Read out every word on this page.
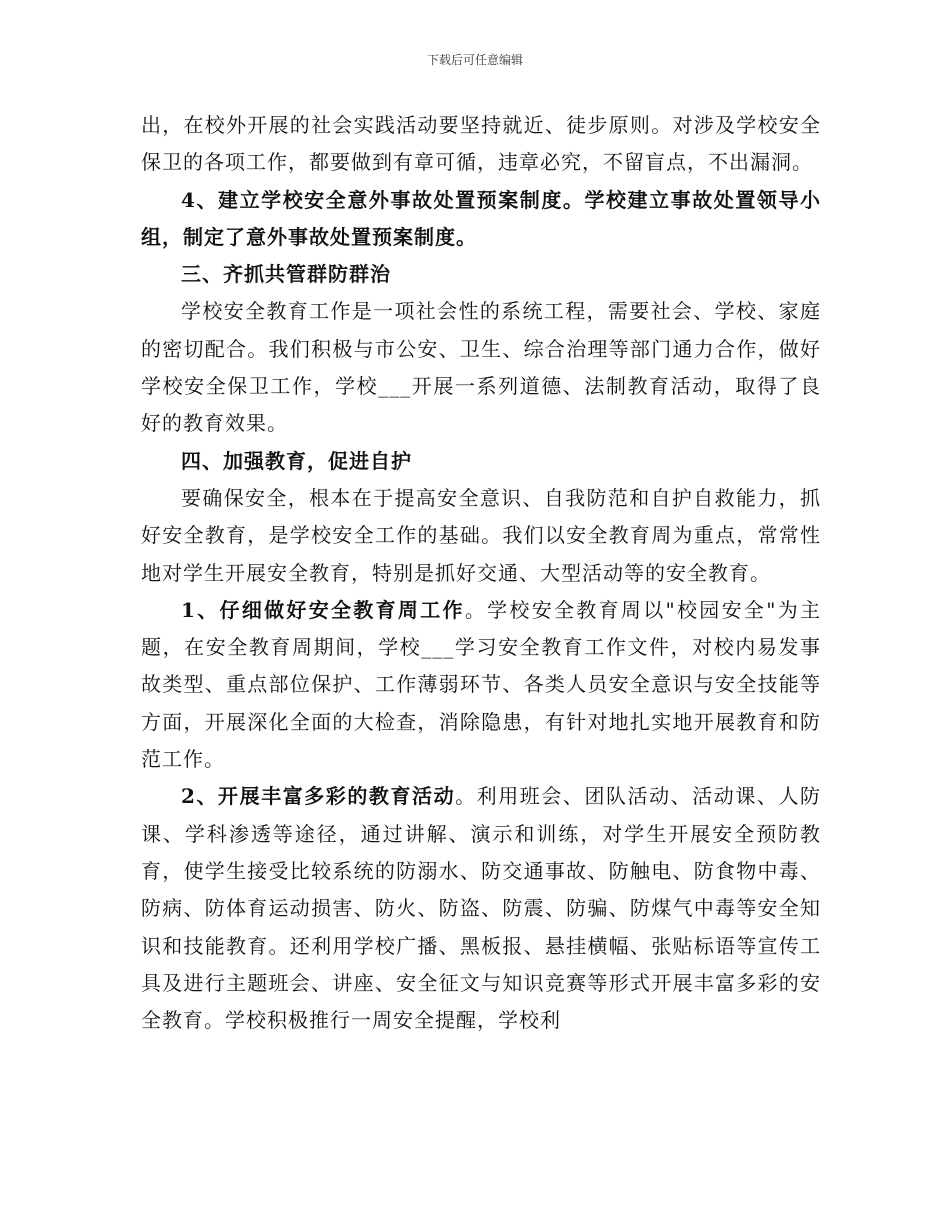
下载后可任意编辑

出，在校外开展的社会实践活动要坚持就近、徒步原则。对涉及学校安全保卫的各项工作，都要做到有章可循，违章必究，不留盲点，不出漏洞。

4、建立学校安全意外事故处置预案制度。学校建立事故处置领导小组，制定了意外事故处置预案制度。

三、齐抓共管群防群治

学校安全教育工作是一项社会性的系统工程，需要社会、学校、家庭的密切配合。我们积极与市公安、卫生、综合治理等部门通力合作，做好学校安全保卫工作，学校___开展一系列道德、法制教育活动，取得了良好的教育效果。

四、加强教育，促进自护

要确保安全，根本在于提高安全意识、自我防范和自护自救能力，抓好安全教育，是学校安全工作的基础。我们以安全教育周为重点，常常性地对学生开展安全教育，特别是抓好交通、大型活动等的安全教育。

1、仔细做好安全教育周工作。学校安全教育周以"校园安全"为主题，在安全教育周期间，学校___学习安全教育工作文件，对校内易发事故类型、重点部位保护、工作薄弱环节、各类人员安全意识与安全技能等方面，开展深化全面的大检查，消除隐患，有针对地扎实地开展教育和防范工作。

2、开展丰富多彩的教育活动。利用班会、团队活动、活动课、人防课、学科渗透等途径，通过讲解、演示和训练，对学生开展安全预防教育，使学生接受比较系统的防溺水、防交通事故、防触电、防食物中毒、防病、防体育运动损害、防火、防盗、防震、防骗、防煤气中毒等安全知识和技能教育。还利用学校广播、黑板报、悬挂横幅、张贴标语等宣传工具及进行主题班会、讲座、安全征文与知识竞赛等形式开展丰富多彩的安全教育。学校积极推行一周安全提醒，学校利
